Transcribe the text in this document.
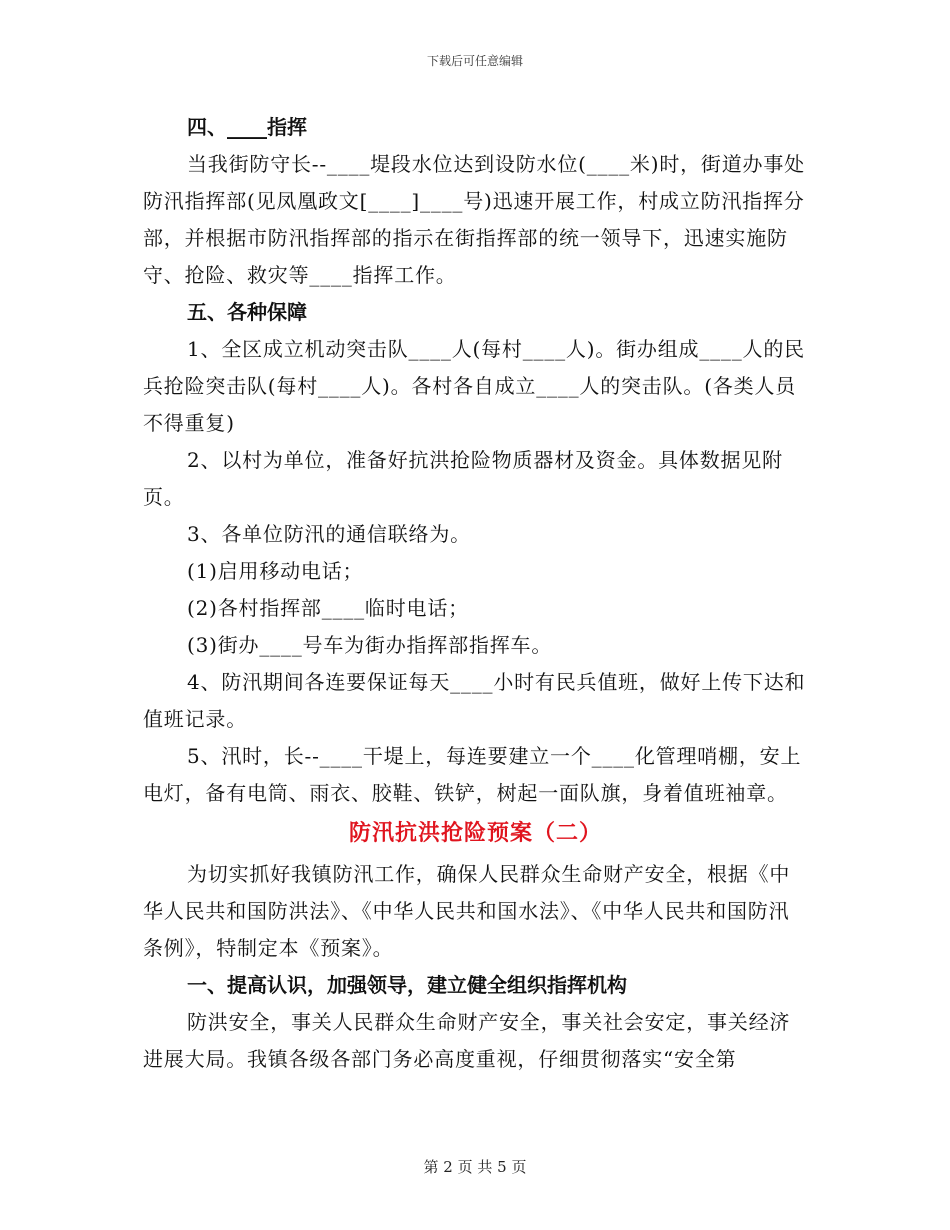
下载后可任意编辑

四、____指挥

当我街防守长--____堤段水位达到设防水位(____米)时，街道办事处防汛指挥部(见凤凰政文[____]____号)迅速开展工作，村成立防汛指挥分部，并根据市防汛指挥部的指示在街指挥部的统一领导下，迅速实施防守、抢险、救灾等____指挥工作。

五、各种保障

1、全区成立机动突击队____人(每村____人)。街办组成____人的民兵抢险突击队(每村____人)。各村各自成立____人的突击队。(各类人员不得重复)

2、以村为单位，准备好抗洪抢险物质器材及资金。具体数据见附页。

3、各单位防汛的通信联络为。

(1)启用移动电话；

(2)各村指挥部____临时电话；

(3)街办____号车为街办指挥部指挥车。

4、防汛期间各连要保证每天____小时有民兵值班，做好上传下达和值班记录。

5、汛时，长--____干堤上，每连要建立一个____化管理哨棚，安上电灯，备有电筒、雨衣、胶鞋、铁铲，树起一面队旗，身着值班袖章。

防汛抗洪抢险预案（二）

为切实抓好我镇防汛工作，确保人民群众生命财产安全，根据《中华人民共和国防洪法》、《中华人民共和国水法》、《中华人民共和国防汛条例》，特制定本《预案》。

一、提高认识，加强领导，建立健全组织指挥机构

防洪安全，事关人民群众生命财产安全，事关社会安定，事关经济进展大局。我镇各级各部门务必高度重视，仔细贯彻落实“安全第

第 2 页 共 5 页
